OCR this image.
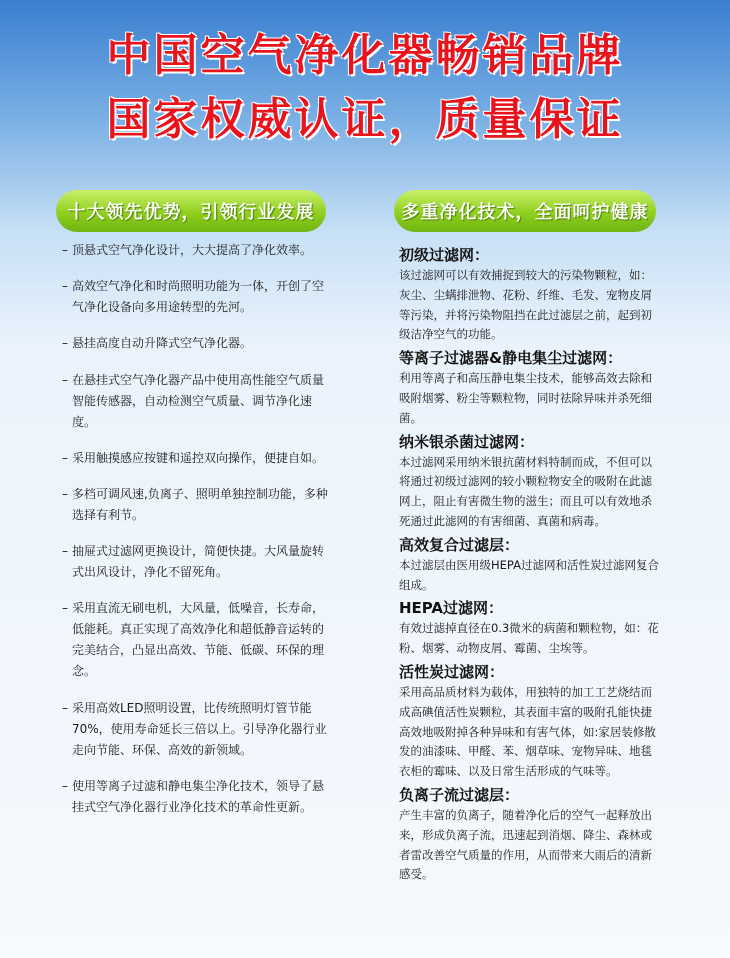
中国空气净化器畅销品牌
国家权威认证，质量保证
十大领先优势，引领行业发展	多重净化技术，全面呵护健康
– 顶悬式空气净化设计，大大提高了净化效率。
– 高效空气净化和时尚照明功能为一体，开创了空气净化设备向多用途转型的先河。
– 悬挂高度自动升降式空气净化器。
– 在悬挂式空气净化器产品中使用高性能空气质量智能传感器，自动检测空气质量、调节净化速度。
– 采用触摸感应按键和遥控双向操作，便捷自如。
– 多档可调风速,负离子、照明单独控制功能，多种选择有利节。
– 抽屉式过滤网更换设计，简便快捷。大风量旋转式出风设计，净化不留死角。
– 采用直流无刷电机，大风量，低噪音，长寿命，低能耗。真正实现了高效净化和超低静音运转的完美结合，凸显出高效、节能、低碳、环保的理念。
– 采用高效LED照明设置，比传统照明灯管节能70%，使用寿命延长三倍以上。引导净化器行业走向节能、环保、高效的新领域。
– 使用等离子过滤和静电集尘净化技术，领导了悬挂式空气净化器行业净化技术的革命性更新。
初级过滤网：
该过滤网可以有效捕捉到较大的污染物颗粒，如：灰尘、尘螨排泄物、花粉、纤维、毛发、宠物皮屑等污染，并将污染物阻挡在此过滤层之前，起到初级洁净空气的功能。
等离子过滤器&静电集尘过滤网：
利用等离子和高压静电集尘技术，能够高效去除和吸附烟雾、粉尘等颗粒物，同时祛除异味并杀死细菌。
纳米银杀菌过滤网：
本过滤网采用纳米银抗菌材料特制而成，不但可以将通过初级过滤网的较小颗粒物安全的吸附在此滤网上，阻止有害微生物的滋生；而且可以有效地杀死通过此滤网的有害细菌、真菌和病毒。
高效复合过滤层：
本过滤层由医用级HEPA过滤网和活性炭过滤网复合组成。
HEPA过滤网：
有效过滤掉直径在0.3微米的病菌和颗粒物，如：花粉、烟雾、动物皮屑、霉菌、尘埃等。
活性炭过滤网：
采用高品质材料为载体，用独特的加工工艺烧结而成高碘值活性炭颗粒，其表面丰富的吸附孔能快捷高效地吸附掉各种异味和有害气体，如:家居装修散发的油漆味、甲醛、苯、烟草味、宠物异味、地毯衣柜的霉味、以及日常生活形成的气味等。
负离子流过滤层：
产生丰富的负离子，随着净化后的空气一起释放出来，形成负离子流，迅速起到消烟、降尘、森林或者雷改善空气质量的作用，从而带来大雨后的清新感受。
